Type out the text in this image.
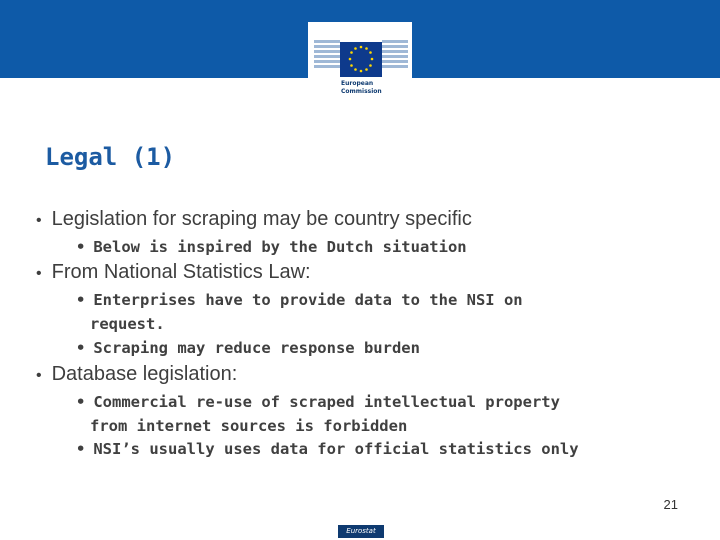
European
Commission
Legal (1)
• Legislation for scraping may be country specific
• Below is inspired by the Dutch situation
• From National Statistics Law:
• Enterprises have to provide data to the NSI on
request.
• Scraping may reduce response burden
• Database legislation:
• Commercial re-use of scraped intellectual property
from internet sources is forbidden
• NSI’s usually uses data for official statistics only
21
Eurostat
